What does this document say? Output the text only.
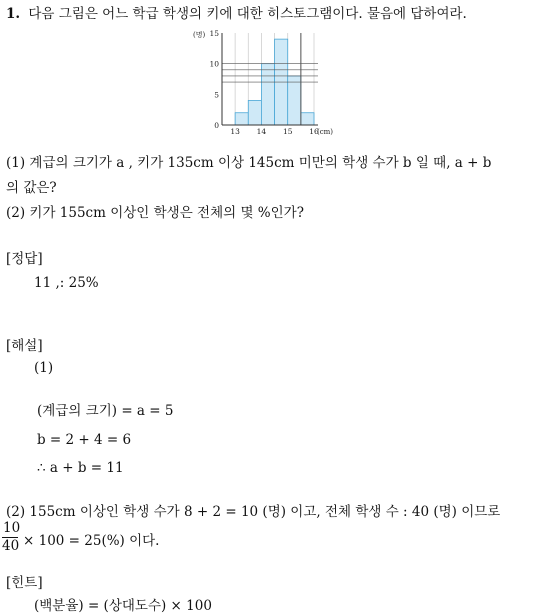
1. 다음 그림은 어느 학급 학생의 키에 대한 히스토그램이다. 물음에 답하여라.
0
5
10
15
(명)
13 14 15 16
(cm)
(1) 계급의 크기가 a , 키가 135cm 이상 145cm 미만의 학생 수가 b 일 때, a + b
의 값은?
(2) 키가 155cm 이상인 학생은 전체의 몇 %인가?
[정답]
11 ,: 25%
[해설]
(1)
(계급의 크기) = a = 5
b = 2 + 4 = 6
∴ a + b = 11
(2) 155cm 이상인 학생 수가 8 + 2 = 10 (명) 이고, 전체 학생 수 : 40 (명) 이므로
$\frac{10}{40} \times 100 = 25(\%)$ 이다.
[힌트]
(백분율) = (상대도수) × 100
